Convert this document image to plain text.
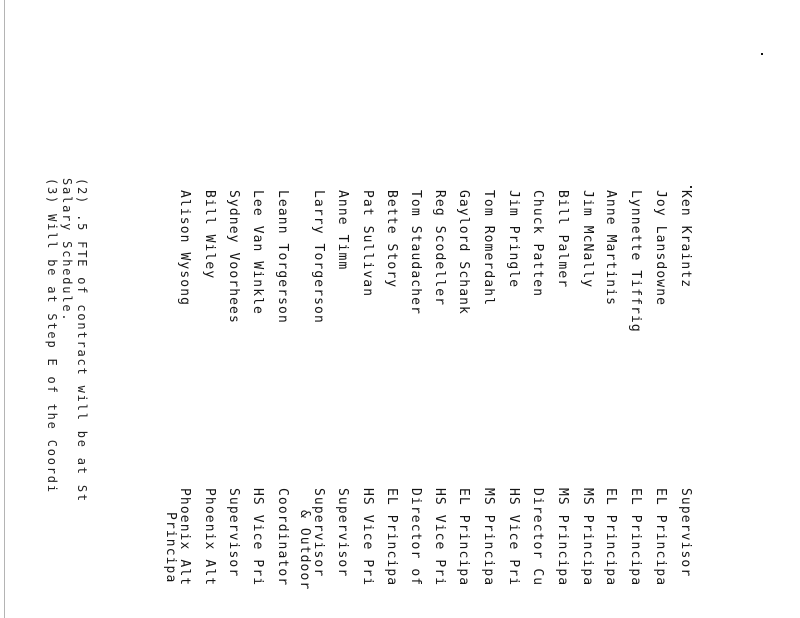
Ken Kraintz
Supervisor
Joy Lansdowne
EL Principa
Lynnette Tiffrig
EL Principa
Anne Martinis
EL Principa
Jim McNally
MS Principa
Bill Palmer
MS Principa
Chuck Patten
Director Cu
Jim Pringle
HS Vice Pri
Tom Romerdahl
MS Principa
Gaylord Schank
EL Principa
Reg Scodeller
HS Vice Pri
Tom Staudacher
Director of
Bette Story
EL Principa
Pat Sullivan
HS Vice Pri
Anne Timm
Supervisor
Larry Torgerson
Supervisor
& Outdoor
Leann Torgerson
Coordinator
Lee Van Winkle
HS Vice Pri
Sydney Voorhees
Supervisor
Bill Wiley
Phoenix Alt
Alison Wysong
Phoenix Alt
Principa
(2) .5 FTE of contract will be at St
Salary Schedule.
(3) Will be at Step E of the Coordi
